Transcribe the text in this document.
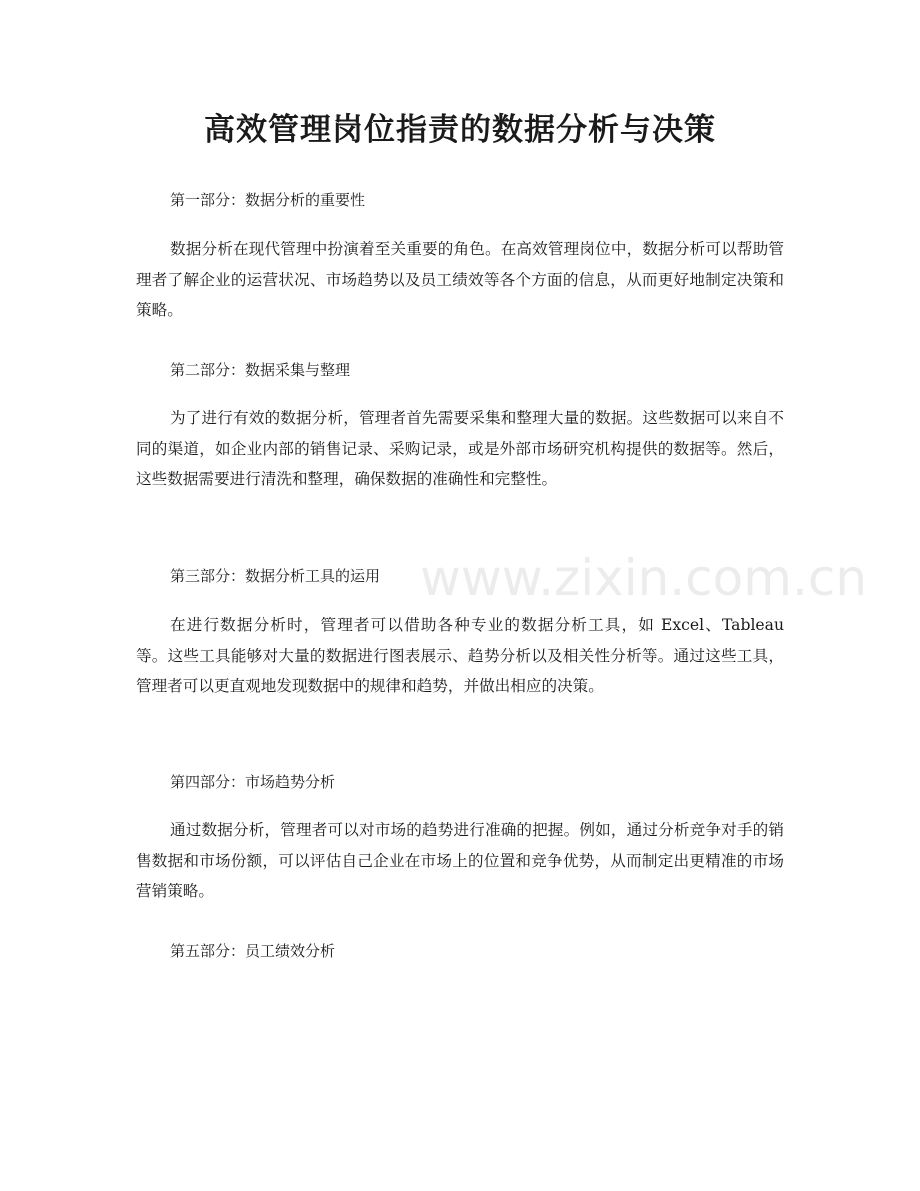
高效管理岗位指责的数据分析与决策

第一部分：数据分析的重要性

数据分析在现代管理中扮演着至关重要的角色。在高效管理岗位中，数据分析可以帮助管理者了解企业的运营状况、市场趋势以及员工绩效等各个方面的信息，从而更好地制定决策和策略。

第二部分：数据采集与整理

为了进行有效的数据分析，管理者首先需要采集和整理大量的数据。这些数据可以来自不同的渠道，如企业内部的销售记录、采购记录，或是外部市场研究机构提供的数据等。然后，这些数据需要进行清洗和整理，确保数据的准确性和完整性。

第三部分：数据分析工具的运用

在进行数据分析时，管理者可以借助各种专业的数据分析工具，如 Excel、Tableau 等。这些工具能够对大量的数据进行图表展示、趋势分析以及相关性分析等。通过这些工具，管理者可以更直观地发现数据中的规律和趋势，并做出相应的决策。

第四部分：市场趋势分析

通过数据分析，管理者可以对市场的趋势进行准确的把握。例如，通过分析竞争对手的销售数据和市场份额，可以评估自己企业在市场上的位置和竞争优势，从而制定出更精准的市场营销策略。

第五部分：员工绩效分析

www.zixin.com.cn
